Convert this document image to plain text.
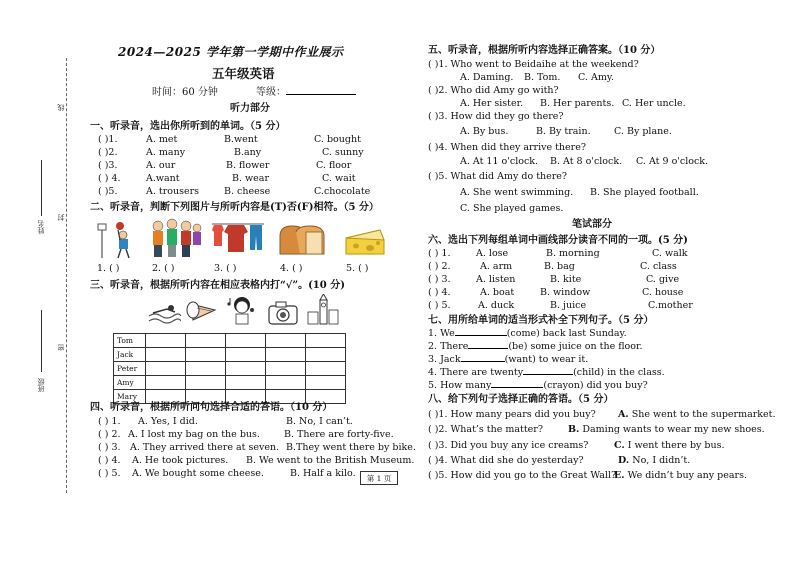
线
封
姓名
密
班级
2024—2025 学年第一学期中作业展示
五年级英语
时间：60 分钟	等级：
听力部分
一、听录音，选出你所听到的单词。（5 分）
( )1.	A. met	B.went	C. bought
( )2.	A. many	B.any	C. sunny
( )3.	A. our	B. flower	C. floor
( ) 4.	A.want	B. wear	C. wait
( )5.	A. trousers	B. cheese	C.chocolate
二、听录音，判断下列图片与所听内容是(T)否(F)相符。（5 分）
1. ( )	2. ( )	3. ( )	4. ( )	5. ( )
三、听录音，根据所听内容在相应表格内打“√”。(10 分)
Tom					
Jack					
Peter					
Amy					
Mary					
四、听录音，根据所听问句选择合适的答语。（10 分）
( ) 1. A. Yes, I did.	B. No, I can’t.
( ) 2. A. I lost my bag on the bus.	B. There are forty-five.
( ) 3. A. They arrived there at seven. B.They went there by bike.
( ) 4. A. He took pictures. B. We went to the British Museum.
( ) 5. A. We bought some cheese.	B. Half a kilo.	第 1 页
五、听录音，根据所听内容选择正确答案。（10 分）
( )1. Who went to Beidaihe at the weekend?
A. Daming. B. Tom. C. Amy.
( )2. Who did Amy go with?
A. Her sister. B. Her parents. C. Her uncle.
( )3. How did they go there?
A. By bus.	B. By train. C. By plane.
( )4. When did they arrive there?
A. At 11 o'clock. B. At 8 o'clock. C. At 9 o'clock.
( )5. What did Amy do there?
A. She went swimming. B. She played football.
C. She played games.
笔试部分
六、选出下列每组单词中画线部分读音不同的一项。(5 分)
( ) 1.	A. lose	B. morning	C. walk
( ) 2.	A. arm	B. bag	C. class
( ) 3.	A. listen	B. kite	C. give
( ) 4.	A. boat	B. window	C. house
( ) 5.	A. duck	B. juice	C.mother
七、用所给单词的适当形式补全下列句子。（5 分）
1. We	(come) back last Sunday.
2. There	(be) some juice on the floor.
3. Jack	(want) to wear it.
4. There are twenty	(child) in the class.
5. How many	(crayon) did you buy?
八、给下列句子选择正确的答语。（5 分）
( )1. How many pears did you buy? A. She went to the supermarket.
( )2. What’s the matter?	B. Daming wants to wear my new shoes.
( )3. Did you buy any ice creams?	C. I went there by bus.
( )4. What did she do yesterday?	D. No, I didn’t.
( )5. How did you go to the Great Wall?
E. We didn’t buy any pears.
